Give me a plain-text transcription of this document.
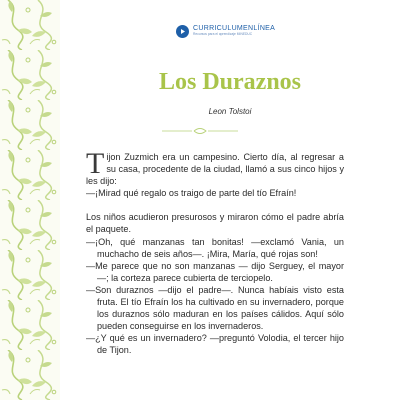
CURRICULUMENLÍNEA
Recursos para el aprendizaje MINEDUC
Los Duraznos
Leon Tolstoi

Tijon Zuzmich era un campesino. Cierto día, al regresar a su casa, procedente de la ciudad, llamó a sus cinco hijos y les dijo:

—¡Mirad qué regalo os traigo de parte del tío Efraín!

Los niños acudieron presurosos y miraron cómo el padre abría el paquete.

—¡Oh, qué manzanas tan bonitas! —exclamó Vania, un muchacho de seis años—. ¡Mira, María, qué rojas son!

—Me parece que no son manzanas — dijo Serguey, el mayor—; la corteza parece cubierta de terciopelo.

—Son duraznos —dijo el padre—. Nunca habíais visto esta fruta. El tío Efraín los ha cultivado en su invernadero, porque los duraznos sólo maduran en los países cálidos. Aquí sólo pueden conseguirse en los invernaderos.

—¿Y qué es un invernadero? —preguntó Volodia, el tercer hijo de Tijon.
